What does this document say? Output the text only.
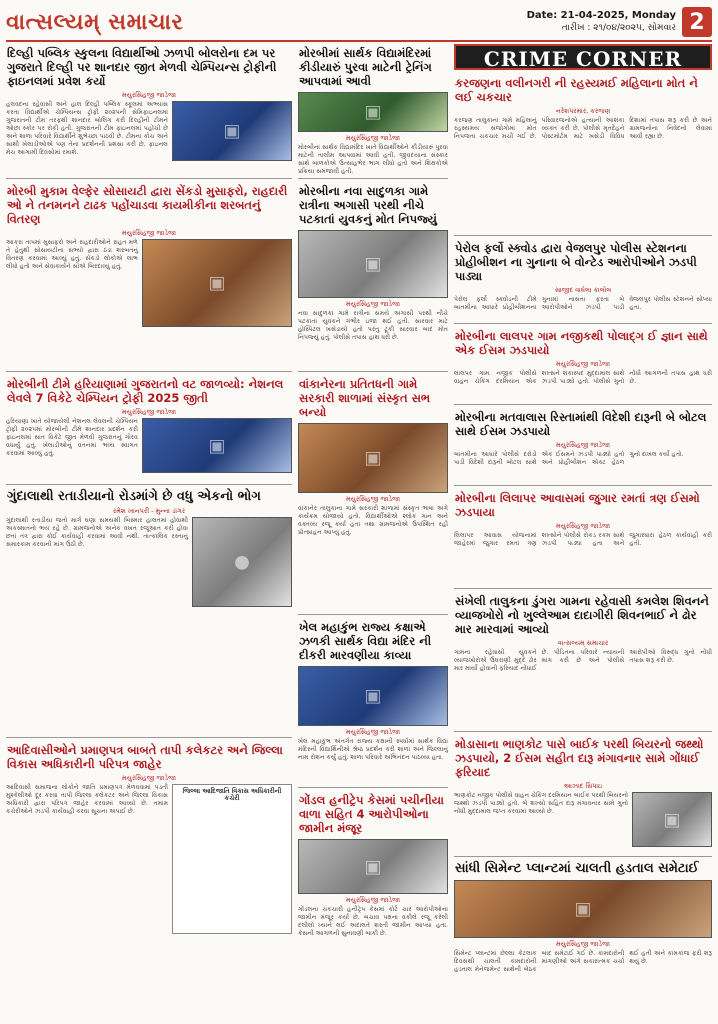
વાત્સલ્યમ્ સમાચાર	Date: 21-04-2025, Monday
તારીખ : ૨૧/૦૪/૨૦૨૫, સોમવાર 2
દિલ્હી પબ્લિક સ્કુલના વિદ્યાર્થીઓ ઝળપી બોલરોના દમ પર ગુજરાતે દિલ્હી પર શાનદાર જીત મેળવી ચેમ્પિયન્સ ટ્રોફીની ફાઇનલમાં પ્રવેશ કર્યો
મયુરસિંહજી જાડેજા
▣
હલવદના રહેવાસી અને હાલ દિલ્હી પબ્લિક સ્કૂલમાં અભ્યાસ કરતા વિદ્યાર્થીએ ચેમ્પિયન્સ ટ્રોફી ૨૦૨૫ની સેમિફાઇનલમાં ગુજરાતની ટીમ તરફથી શાનદાર બોલિંગ કરી દિલ્હીની ટીમને ઓછા સ્કોર પર રોકી હતી. ગુજરાતની ટીમ ફાઇનલમાં પહોંચી છે અને શાળા પરિવારે વિદ્યાર્થીને શુભેચ્છા પાઠવી છે. ટીમના કોચ અને સાથી ખેલાડીઓએ પણ તેના પ્રદર્શનની પ્રશંસા કરી છે. ફાઇનલ મેચ આગામી દિવસોમાં રમાશે.
મોરબી મુકામ વેલ્ફેર સોસાયટી દ્વારા સેંકડો મુસાફરો, રાહદારી ઓ ને તનમનને ટાઢક પહોંચાડવા કાયમીકીના શરબતનું વિતરણ
મયુરસિંહજી જાડેજા
▣
આકરા તાપમાં મુસાફરો અને રાહદારીઓને રાહત મળે તે હેતુથી સોસાયટીના સભ્યો દ્વારા ઠંડા શરબતનું વિતરણ કરવામાં આવ્યું હતું. સેંકડો લોકોએ લાભ લીધો હતો અને સેવાકાર્યને સૌએ બિરદાવ્યું હતું.
મોરબીની ટીમે હરિયાણામાં ગુજરાતનો વટ જાળવ્યો: નેશનલ લેવલે 7 વિકેટે ચેમ્પિયન ટ્રોફી 2025 જીતી
મયુરસિંહજી જાડેજા
▣
હરિયાણા ખાતે યોજાયેલી નેશનલ લેવલની ચેમ્પિયન ટ્રોફી ૨૦૨૫માં મોરબીની ટીમે શાનદાર પ્રદર્શન કરી ફાઇનલમાં સાત વિકેટે જીત મેળવી ગુજરાતનું ગૌરવ વધાર્યું હતું. ખેલાડીઓનું વતનમાં ભવ્ય સ્વાગત કરવામાં આવ્યું હતું.
ગુંદાલાથી રતાડીયાનો રોડમાંગે છે વધુ એકનો ભોગ
રમેશ ખાનપરી - મુન્ના ડાંગર
●
ગુંદાલાથી રતાડીયા જતો માર્ગ ઘણા સમયથી બિસ્માર હાલતમાં હોવાથી અકસ્માતનો ભય રહે છે. ગ્રામજનોએ અનેક વખત રજૂઆત કરી હોવા છતાં તંત્ર દ્વારા કોઈ કાર્યવાહી કરવામાં આવી નથી. તાત્કાલિક રસ્તાનું સમારકામ કરવાની માંગ ઉઠી છે.
આદિવાસીઓને પ્રમાણપત્ર બાબતે તાપી કલેકટર અને જિલ્લા વિકાસ અધિકારીની પરિપત્ર જાહેર
મયુરસિંહજી જાડેજા
જિલ્લા આદિજાતિ વિકાસ અધિકારીની કચેરી
આદિવાસી સમાજના લોકોને જાતિ પ્રમાણપત્ર મેળવવામાં પડતી મુશ્કેલીઓ દૂર કરવા તાપી જિલ્લા કલેકટર અને જિલ્લા વિકાસ અધિકારી દ્વારા પરિપત્ર જાહેર કરવામાં આવ્યો છે. તમામ કચેરીઓને ઝડપી કાર્યવાહી કરવા સૂચના અપાઈ છે.
મોરબીમાં સાર્થક વિદ્યામંદિરમાં કીડીયારું પુરવા માટેની ટ્રેનિંગ આપવામાં આવી
▣
મયુરસિંહજી જાડેજા
મોરબીના સાર્થક વિદ્યામંદિર ખાતે વિદ્યાર્થીઓને કીડીયારું પુરવા માટેની તાલીમ આપવામાં આવી હતી. જીવદયાના સંસ્કાર સાથે બાળકોએ ઉત્સાહભેર ભાગ લીધો હતો અને શિક્ષકોએ પ્રક્રિયા સમજાવી હતી.
મોરબીના નવા સાદુળકા ગામે રાત્રીના અગાસી પરથી નીચે પટકાતાં યુવકનું મોત નિપજ્યું
▣
મયુરસિંહજી જાડેજા
નવા સાદુળકા ગામે રાત્રીના સમયે અગાસી પરથી નીચે પટકાતાં યુવકને ગંભીર ઇજા થઈ હતી. સારવાર માટે હોસ્પિટલ ખસેડાયો હતો પરંતુ ટૂંકી સારવાર બાદ મોત નિપજ્યું હતું. પોલીસે તપાસ હાથ ધરી છે.
વાંકાનેરના પ્રતિતધની ગામે સરકારી શાળામાં સંસ્કૃત સભ બન્યો
▣
મયુરસિંહજી જાડેજા
વાંકાનેર તાલુકાના ગામે સરકારી શાળામાં સંસ્કૃત ભાષા અંગે કાર્યક્રમ યોજાયો હતો. વિદ્યાર્થીઓએ શ્લોક ગાન અને વક્તવ્ય રજૂ કર્યા હતા તથા ગ્રામજનોએ ઉપસ્થિત રહી પ્રોત્સાહન આપ્યું હતું.
ખેલ મહાકુંભ રાજ્ય કક્ષાએ ઝળકી સાર્થક વિદ્યા મંદિર ની દીકરી મારવણીયા કાવ્યા
▣
મયુરસિંહજી જાડેજા
ખેલ મહાકુંભ અંતર્ગત રાજ્ય કક્ષાની સ્પર્ધામાં સાર્થક વિદ્યા મંદિરની વિદ્યાર્થિનીએ શ્રેષ્ઠ પ્રદર્શન કરી શાળા અને જિલ્લાનું નામ રોશન કર્યું હતું. શાળા પરિવારે અભિનંદન પાઠવ્યા હતા.
ગોંડલ હનીટ્રેપ કેસમાં પચીનીયા વાળા સહિત 4 આરોપીઓના જામીન મંજૂર
▣
મયુરસિંહજી જાડેજા
ગોંડલના ચકચારી હનીટ્રેપ કેસમાં કોર્ટે ચાર આરોપીઓના જામીન મંજૂર કર્યા છે. બચાવ પક્ષના વકીલે રજૂ કરેલી દલીલો ધ્યાને લઈ અદાલતે શરતી જામીન આપ્યા હતા. કેસની આગળની સુનાવણી બાકી છે.
CRIME CORNER
કરજણના વલીનગરી ની રહસ્યમઈ મહિલાના મોત ને લઈ ચકચાર
નરેશપરમાર, કરજણ
કરજણ તાલુકાના ગામે મહિલાનું રહસ્યમય સંજોગોમાં મોત નિપજતા ચકચાર મચી ગઈ છે. પરિવારજનોએ હત્યાની આશંકા વ્યક્ત કરી છે. પોલીસે મૃતદેહને પોસ્ટમોર્ટમ માટે ખસેડી વિવિધ દિશામાં તપાસ શરૂ કરી છે અને ગ્રામજનોના નિવેદનો લેવામાં આવી રહ્યા છે.
પેરોલ ફર્લો સ્ક્વોડ દ્વારા વેજલપુર પોલીસ સ્ટેશનના પ્રોહીબીશન ના ગુનાના બે વોન્ટેડ આરોપીઓને ઝડપી પાડ્યા
સાજીદ વાઘેલા કાલોલ
પેરોલ ફર્લો સ્ક્વોડની ટીમે બાતમીના આધારે પ્રોહીબીશનના ગુનામાં નાસતા ફરતા બે આરોપીઓને ઝડપી પાડી વેજલપુર પોલીસ સ્ટેશનને સોંપ્યા હતા.
મોરબીના લાલપર ગામ નજીકથી પોલાદ્ગ ઈ જ્ઞાન સાથે એક ઈસમ ઝડપાયો
મયુરસિંહજી જાડેજા
લાલપર ગામ નજીક પોલીસે વાહન ચેકિંગ દરમિયાન એક શખ્સને શંકાસ્પદ મુદ્દામાલ સાથે ઝડપી પાડ્યો હતો. પોલીસે ગુનો નોંધી આગળની તપાસ હાથ ધરી છે.
મોરબીના મતવાલાસ રિસ્તામાંથી વિદેશી દારૂની બે બોટલ સાથે ઈસમ ઝડપાયો
મયુરસિંહજી જાડેજા
બાતમીના આધારે પોલીસે દરોડો પાડી વિદેશી દારૂની બોટલ સાથે એક ઈસમને ઝડપી પાડ્યો હતો અને પ્રોહીબીશન એક્ટ હેઠળ ગુનો દાખલ કર્યો હતો.
મોરબીના લિલાપર આવાસમાં જુગાર રમતાં ત્રણ ઈસમો ઝડપાયા
મયુરસિંહજી જાડેજા
લિલાપર આવાસ યોજનામાં જાહેરમાં જુગાર રમતાં ત્રણ શખ્સોને પોલીસે રોકડ રકમ સાથે ઝડપી પાડ્યા હતા અને જુગારધારા હેઠળ કાર્યવાહી કરી હતી.
સંખેલી તાલુકના ડુંગરા ગામના રહેવાસી કમલેશ શિવનને વ્યાજખોરો નો ખુલ્લેઆમ દાદાગીરી શિવનભાઈ ને ઢોર માર મારવામાં આવ્યો
વાત્સલ્યમ્ સમાચાર
ગામના રહેવાસી યુવકને વ્યાજખોરોએ ઉઘરાણી મુદ્દે ઢોર માર માર્યો હોવાની ફરિયાદ નોંધાઈ છે. પીડિતના પરિવારે ન્યાયની માંગ કરી છે અને પોલીસે આરોપીઓ વિરુદ્ધ ગુનો નોંધી તપાસ શરૂ કરી છે.
મોડાસાના ભાણકોટ પાસે બાઈક પરથી બિયરનો જથ્થો ઝડપાયો, 2 ઈસમ સહીત દારૂ મંગાવનાર સામે ગોંધાઈ ફરિયાદ
આઝાદ સિપાઇ
▣
ભાણકોટ નજીક પોલીસે વાહન ચેકિંગ દરમિયાન બાઈક પરથી બિયરનો જથ્થો ઝડપી પાડ્યો હતો. બે શખ્સો સહિત દારૂ મંગાવનાર સામે ગુનો નોંધી મુદ્દામાલ જપ્ત કરવામાં આવ્યો છે.
સાંધી સિમેન્ટ પ્લાન્ટમાં ચાલતી હડતાલ સમેટાઈ
▣
મયુરસિંહજી જાડેજા
સિમેન્ટ પ્લાન્ટમાં છેલ્લા કેટલાક દિવસથી ચાલતી કામદારોની હડતાલ મેનેજમેન્ટ સાથેની બેઠક બાદ સમેટાઈ ગઈ છે. કામદારોની માંગણીઓ અંગે સકારાત્મક ચર્ચા થઈ હતી અને કામકાજ ફરી શરૂ થયું છે.
